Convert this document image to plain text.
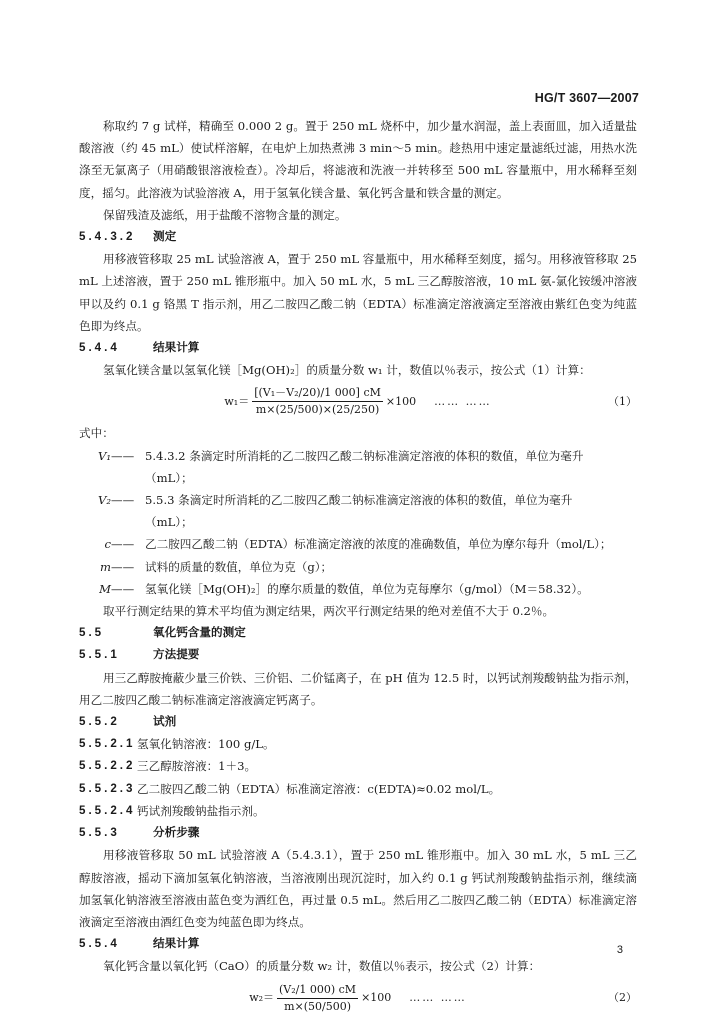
HG/T 3607—2007

称取约 7 g 试样，精确至 0.000 2 g。置于 250 mL 烧杯中，加少量水润湿，盖上表面皿，加入适量盐酸溶液（约 45 mL）使试样溶解，在电炉上加热煮沸 3 min～5 min。趁热用中速定量滤纸过滤，用热水洗涤至无氯离子（用硝酸银溶液检查）。冷却后，将滤液和洗液一并转移至 500 mL 容量瓶中，用水稀释至刻度，摇匀。此溶液为试验溶液 A，用于氢氧化镁含量、氧化钙含量和铁含量的测定。

保留残渣及滤纸，用于盐酸不溶物含量的测定。

5.4.3.2 测定

用移液管移取 25 mL 试验溶液 A，置于 250 mL 容量瓶中，用水稀释至刻度，摇匀。用移液管移取 25 mL 上述溶液，置于 250 mL 锥形瓶中。加入 50 mL 水，5 mL 三乙醇胺溶液，10 mL 氨-氯化铵缓冲溶液甲以及约 0.1 g 铬黑 T 指示剂，用乙二胺四乙酸二钠（EDTA）标准滴定溶液滴定至溶液由紫红色变为纯蓝色即为终点。

5.4.4	结果计算

氢氧化镁含量以氢氧化镁［Mg(OH)₂］的质量分数 w₁ 计，数值以％表示，按公式（1）计算：

$w_1= \frac{\text{[(V₁－V₂/20)/1 000] cM}}{m\times(25/500)\times(25/250)} \times 100$ …… ……	（1）

式中：

V₁ —— 5.4.3.2 条滴定时所消耗的乙二胺四乙酸二钠标准滴定溶液的体积的数值，单位为毫升
（mL）；
V₂ —— 5.5.3 条滴定时所消耗的乙二胺四乙酸二钠标准滴定溶液的体积的数值，单位为毫升
（mL）；
c —— 乙二胺四乙酸二钠（EDTA）标准滴定溶液的浓度的准确数值，单位为摩尔每升（mol/L）；
m —— 试料的质量的数值，单位为克（g）；
M —— 氢氧化镁［Mg(OH)₂］的摩尔质量的数值，单位为克每摩尔（g/mol）（M＝58.32）。

取平行测定结果的算术平均值为测定结果，两次平行测定结果的绝对差值不大于 0.2％。

5.5	氧化钙含量的测定

5.5.1	方法提要

用三乙醇胺掩蔽少量三价铁、三价铝、二价锰离子，在 pH 值为 12.5 时，以钙试剂羧酸钠盐为指示剂，用乙二胺四乙酸二钠标准滴定溶液滴定钙离子。

5.5.2	试剂

5.5.2.1 氢氧化钠溶液：100 g/L。
5.5.2.2 三乙醇胺溶液：1＋3。
5.5.2.3 乙二胺四乙酸二钠（EDTA）标准滴定溶液：c(EDTA)≈0.02 mol/L。
5.5.2.4 钙试剂羧酸钠盐指示剂。

5.5.3	分析步骤

用移液管移取 50 mL 试验溶液 A（5.4.3.1），置于 250 mL 锥形瓶中。加入 30 mL 水，5 mL 三乙醇胺溶液，摇动下滴加氢氧化钠溶液，当溶液刚出现沉淀时，加入约 0.1 g 钙试剂羧酸钠盐指示剂，继续滴加氢氧化钠溶液至溶液由蓝色变为酒红色，再过量 0.5 mL。然后用乙二胺四乙酸二钠（EDTA）标准滴定溶液滴定至溶液由酒红色变为纯蓝色即为终点。

5.5.4	结果计算

氧化钙含量以氧化钙（CaO）的质量分数 w₂ 计，数值以％表示，按公式（2）计算：

$w_2= \frac{\text{(V₂/1 000) cM}}{m\times(50/500)} \times 100$ …… ……	（2）
3
